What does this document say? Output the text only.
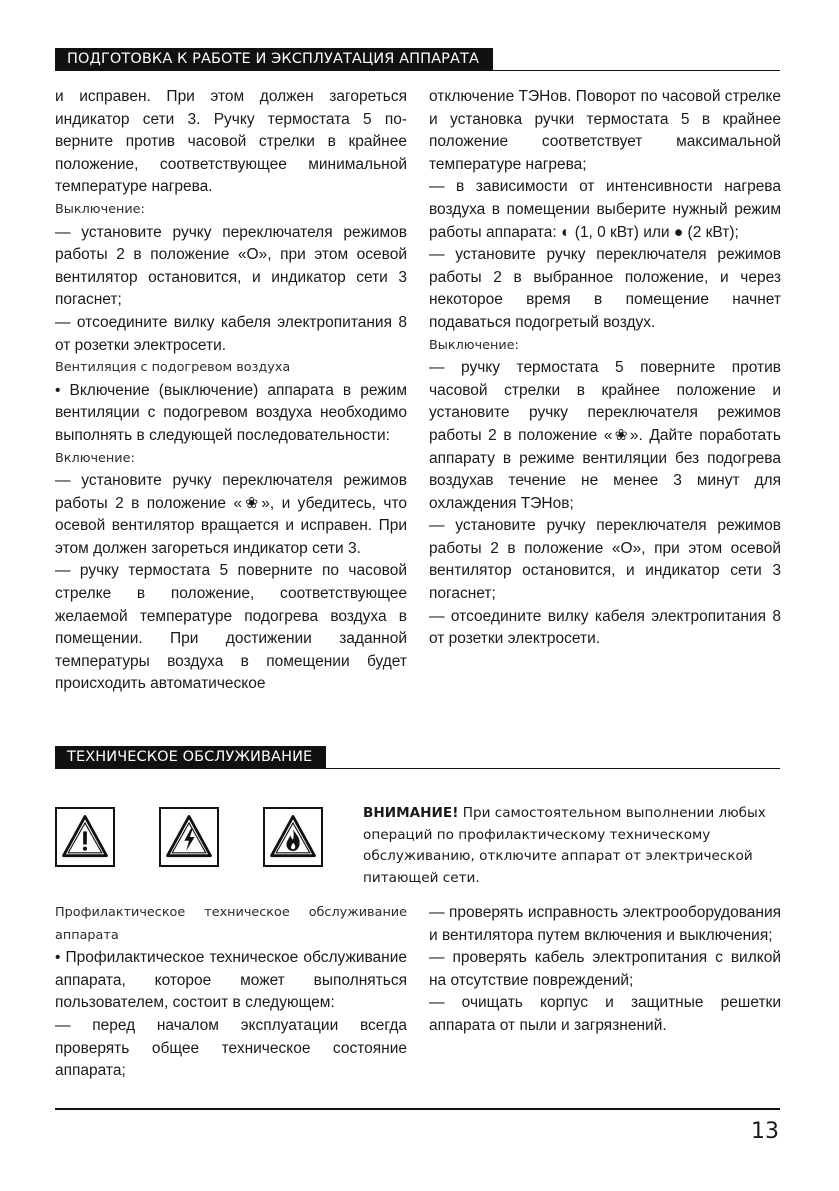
ПОДГОТОВКА К РАБОТЕ И ЭКСПЛУАТАЦИЯ АППАРАТА

и исправен. При этом должен загореться индикатор сети 3. Ручку термостата 5 по-верните против часовой стрелки в крайнее положение, соответствующее минимальной температуре нагрева.

Выключение:

— установите ручку переключателя режимов работы 2 в положение «О», при этом осевой вентилятор остановится, и индикатор сети 3 погаснет;

— отсоедините вилку кабеля электропитания 8 от розетки электросети.

Вентиляция с подогревом воздуха

• Включение (выключение) аппарата в режим вентиляции с подогревом воздуха необходимо выполнять в следующей последовательности:

Включение:

— установите ручку переключателя режимов работы 2 в положение «❀», и убедитесь, что осевой вентилятор вращается и исправен. При этом должен загореться индикатор сети 3.

— ручку термостата 5 поверните по часовой стрелке в положение, соответствующее желаемой температуре подогрева воздуха в помещении. При достижении заданной температуры воздуха в помещении будет происходить автоматическое

отключение ТЭНов. Поворот по часовой стрелке и установка ручки термостата 5 в крайнее положение соответствует максимальной температуре нагрева;

— в зависимости от интенсивности нагрева воздуха в помещении выберите нужный режим работы аппарата: ◐ (1, 0 кВт) или ● (2 кВт);

— установите ручку переключателя режимов работы 2 в выбранное положение, и через некоторое время в помещение начнет подаваться подогретый воздух.

Выключение:

— ручку термостата 5 поверните против часовой стрелки в крайнее положение и установите ручку переключателя режимов работы 2 в положение «❀». Дайте поработать аппарату в режиме вентиляции без подогрева воздухав течение не менее 3 минут для охлаждения ТЭНов;

— установите ручку переключателя режимов работы 2 в положение «О», при этом осевой вентилятор остановится, и индикатор сети 3 погаснет;

— отсоедините вилку кабеля электропитания 8 от розетки электросети.

ТЕХНИЧЕСКОЕ ОБСЛУЖИВАНИЕ
ВНИМАНИЕ! При самостоятельном выполнении любых операций по профилактическому техническому обслуживанию, отключите аппарат от электрической питающей сети.

Профилактическое техническое обслуживание аппарата

• Профилактическое техническое обслуживание аппарата, которое может выполняться пользователем, состоит в следующем:

— перед началом эксплуатации всегда проверять общее техническое состояние аппарата;

— проверять исправность электрооборудования и вентилятора путем включения и выключения;

— проверять кабель электропитания с вилкой на отсутствие повреждений;

— очищать корпус и защитные решетки аппарата от пыли и загрязнений.

13
